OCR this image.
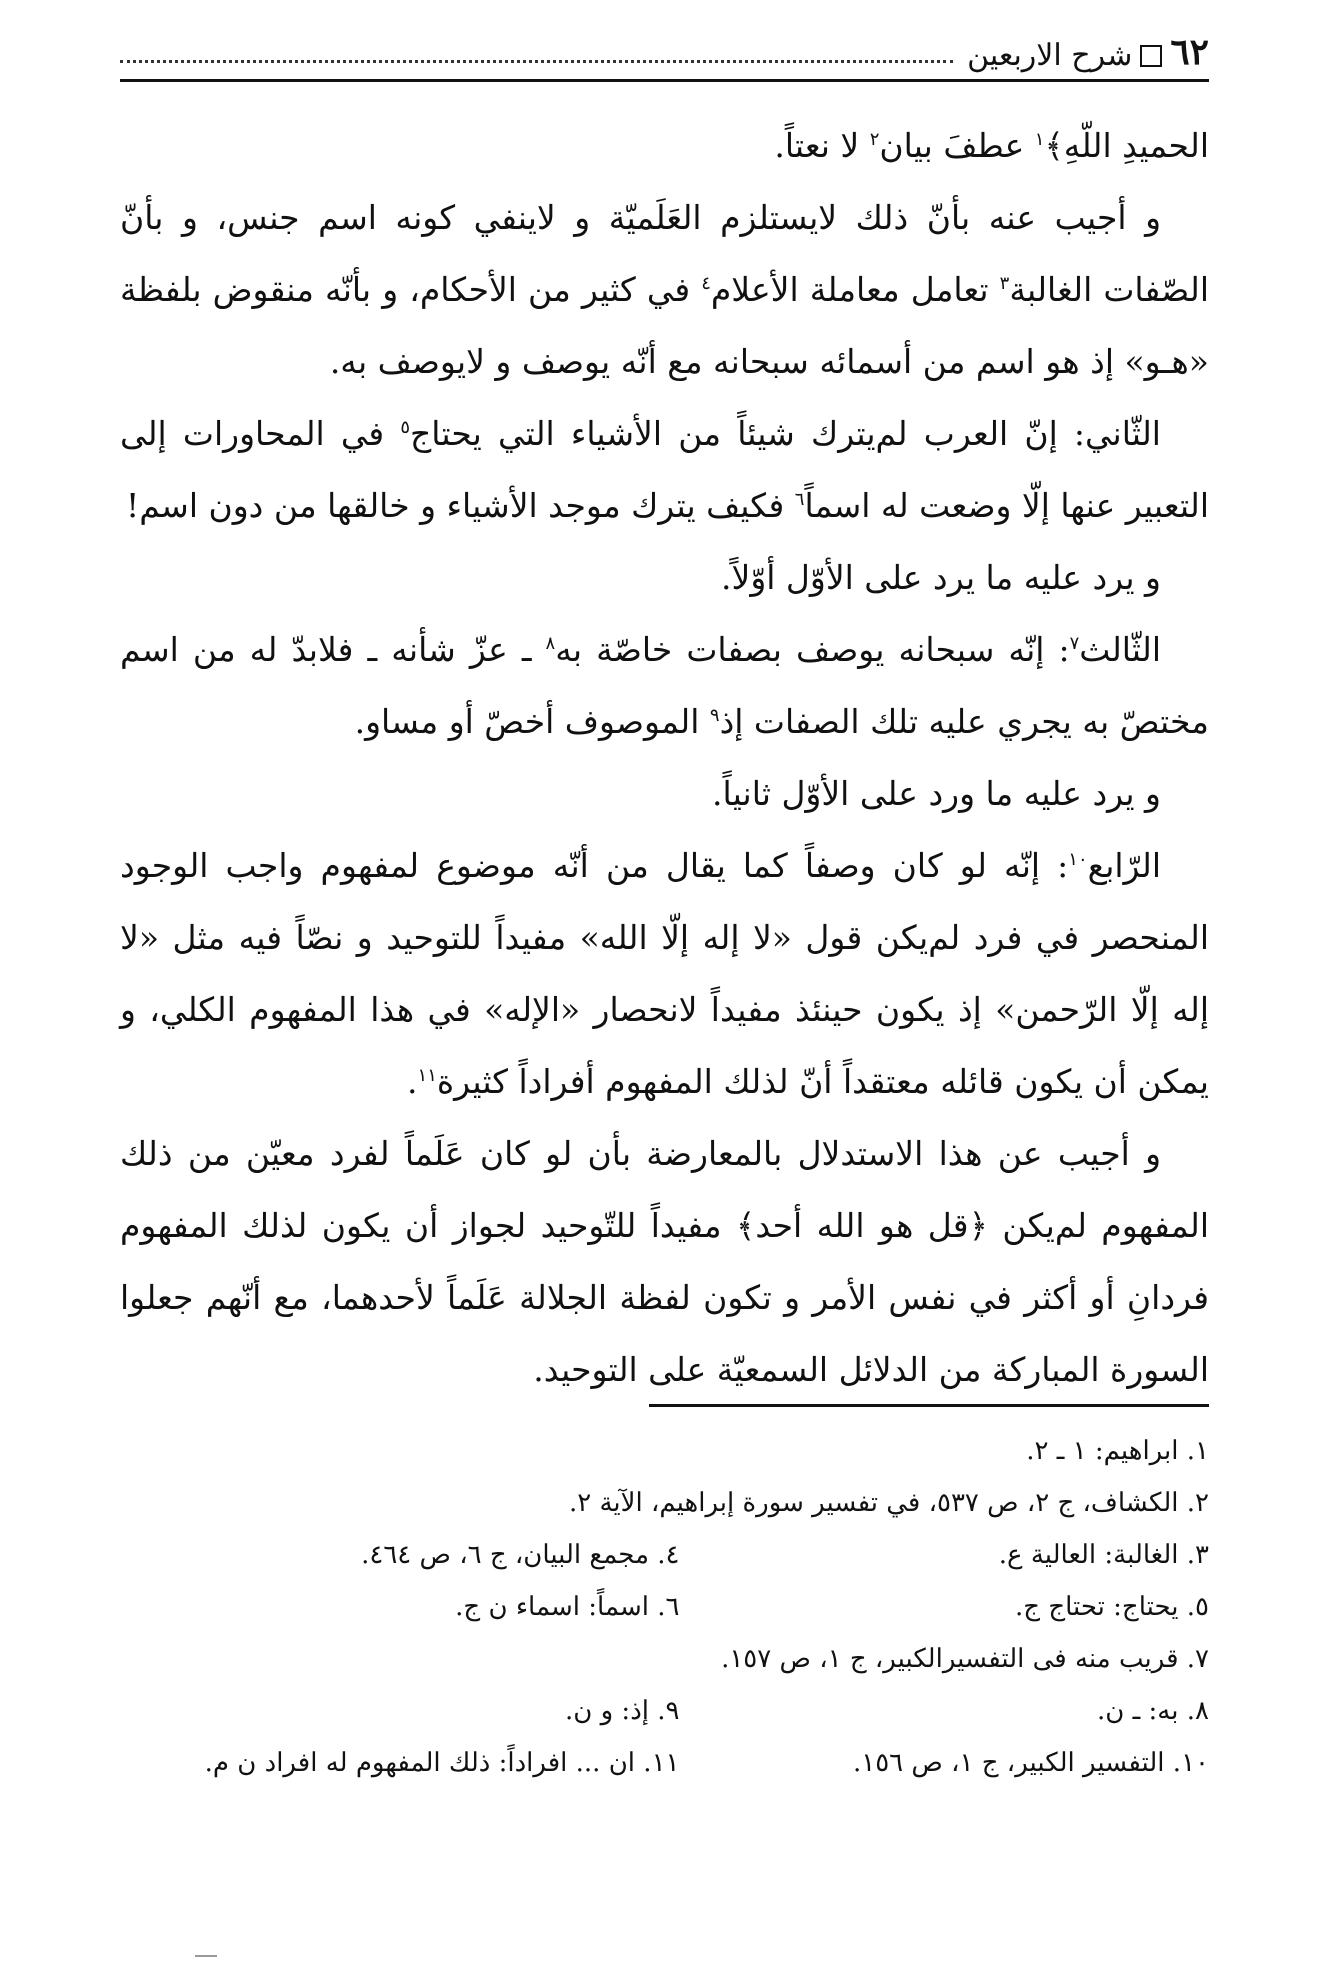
٦٢
شرح الاربعين

الحميدِ اللّهِ﴾$^١$ عطفَ بيان$^٢$ لا نعتاً.

و أجيب عنه بأنّ ذلك لايستلزم العَلَميّة و لاينفي كونه اسم جنس، و بأنّ الصّفات الغالبة$^٣$ تعامل معاملة الأعلام$^٤$ في كثير من الأحكام، و بأنّه منقوض بلفظة «هـو» إذ هو اسم من أسمائه سبحانه مع أنّه يوصف و لايوصف به.

الثّاني: إنّ العرب لم‌يترك شيئاً من الأشياء التي يحتاج$^٥$ في المحاورات إلى التعبير عنها إلّا وضعت له اسماً$^٦$ فكيف يترك موجد الأشياء و خالقها من دون اسم!

و يرد عليه ما يرد على الأوّل أوّلاً.

الثّالث$^٧$: إنّه سبحانه يوصف بصفات خاصّة به$^٨$ ـ عزّ شأنه ـ فلابدّ له من اسم مختصّ به يجري عليه تلك الصفات إذ$^٩$ الموصوف أخصّ أو مساو.

و يرد عليه ما ورد على الأوّل ثانياً.

الرّابع$^{١٠}$: إنّه لو كان وصفاً كما يقال من أنّه موضوع لمفهوم واجب الوجود المنحصر في فرد لم‌يكن قول «لا إله إلّا الله» مفيداً للتوحيد و نصّاً فيه مثل «لا إله إلّا الرّحمن» إذ يكون حينئذ مفيداً لانحصار «الإله» في هذا المفهوم الكلي، و يمكن أن يكون قائله معتقداً أنّ لذلك المفهوم أفراداً كثيرة$^{١١}$.

و أجيب عن هذا الاستدلال بالمعارضة بأن لو كان عَلَماً لفرد معيّن من ذلك المفهوم لم‌يكن ﴿قل هو الله أحد﴾ مفيداً للتّوحيد لجواز أن يكون لذلك المفهوم فردانِ أو أكثر في نفس الأمر و تكون لفظة الجلالة عَلَماً لأحدهما، مع أنّهم جعلوا السورة المباركة من الدلائل السمعيّة على التوحيد.

١. ابراهيم: ١ ـ ٢.
٢. الكشاف، ج ٢، ص ٥٣٧، في تفسير سورة إبراهيم، الآية ٢.
٣. الغالبة: العالية ع.
٤. مجمع البيان، ج ٦، ص ٤٦٤.
٥. يحتاج: تحتاج ج.
٦. اسماً: اسماء ن ج.
٧. قريب منه فى التفسيرالكبير، ج ١، ص ١٥٧.
٨. به: ـ ن.
٩. إذ: و ن.
١٠. التفسير الكبير، ج ١، ص ١٥٦.
١١. ان ... افراداً: ذلك المفهوم له افراد ن م.
